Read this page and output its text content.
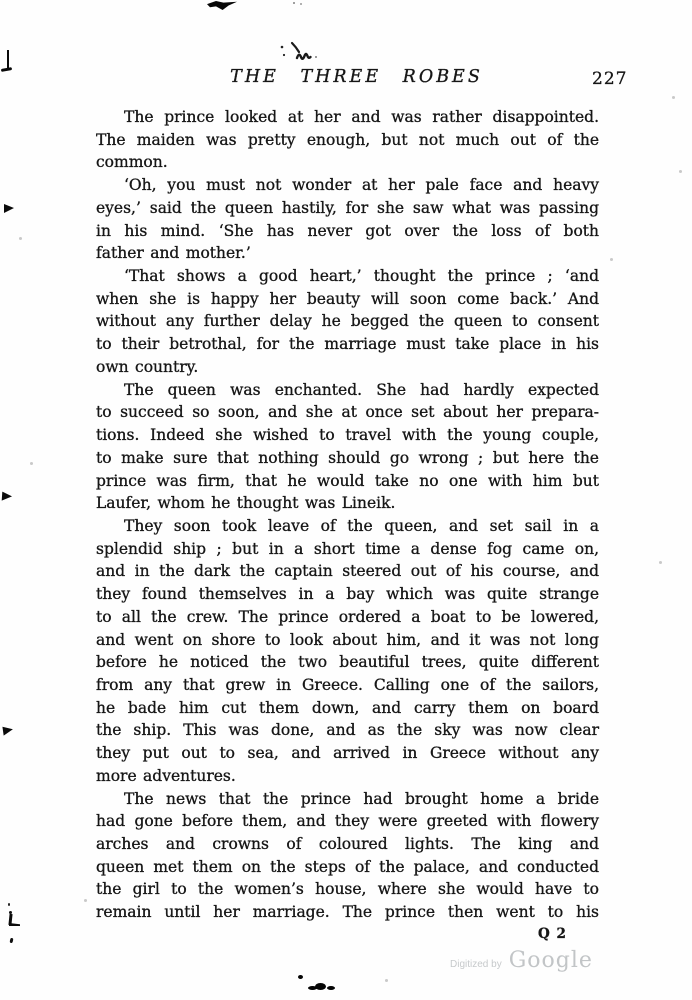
THE THREE ROBES	227
The prince looked at her and was rather disappointed.
The maiden was pretty enough, but not much out of the
common.
‘Oh, you must not wonder at her pale face and heavy
eyes,’ said the queen hastily, for she saw what was passing
in his mind. ‘She has never got over the loss of both
father and mother.’
‘That shows a good heart,’ thought the prince ; ‘and
when she is happy her beauty will soon come back.’ And
without any further delay he begged the queen to consent
to their betrothal, for the marriage must take place in his
own country.
The queen was enchanted. She had hardly expected
to succeed so soon, and she at once set about her prepara-
tions. Indeed she wished to travel with the young couple,
to make sure that nothing should go wrong ; but here the
prince was firm, that he would take no one with him but
Laufer, whom he thought was Lineik.
They soon took leave of the queen, and set sail in a
splendid ship ; but in a short time a dense fog came on,
and in the dark the captain steered out of his course, and
they found themselves in a bay which was quite strange
to all the crew. The prince ordered a boat to be lowered,
and went on shore to look about him, and it was not long
before he noticed the two beautiful trees, quite different
from any that grew in Greece. Calling one of the sailors,
he bade him cut them down, and carry them on board
the ship. This was done, and as the sky was now clear
they put out to sea, and arrived in Greece without any
more adventures.
The news that the prince had brought home a bride
had gone before them, and they were greeted with flowery
arches and crowns of coloured lights. The king and
queen met them on the steps of the palace, and conducted
the girl to the women’s house, where she would have to
remain until her marriage. The prince then went to his
Q 2
Digitized by Google
